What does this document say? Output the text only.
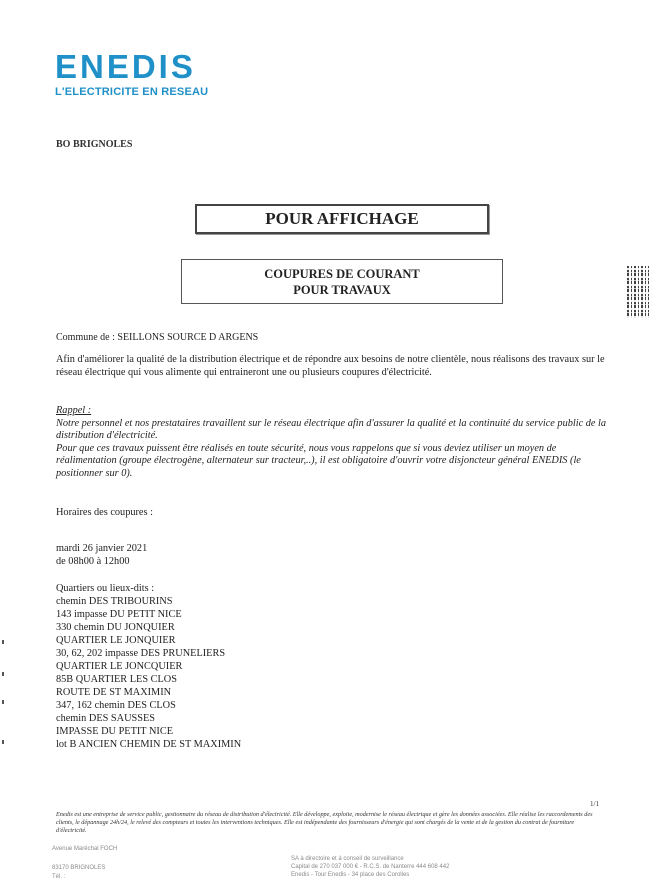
ENEDIS
L'ELECTRICITE EN RESEAU
BO BRIGNOLES
POUR AFFICHAGE
COUPURES DE COURANT
POUR TRAVAUX
Commune de : SEILLONS SOURCE D ARGENS
Afin d'améliorer la qualité de la distribution électrique et de répondre aux besoins de notre clientèle, nous réalisons des travaux sur le réseau électrique qui vous alimente qui entraineront une ou plusieurs coupures d'électricité.
Rappel :
Notre personnel et nos prestataires travaillent sur le réseau électrique afin d'assurer la qualité et la continuité du service public de la distribution d'électricité.
Pour que ces travaux puissent être réalisés en toute sécurité, nous vous rappelons que si vous deviez utiliser un moyen de réalimentation (groupe électrogène, alternateur sur tracteur,..), il est obligatoire d'ouvrir votre disjoncteur général ENEDIS (le positionner sur 0).
Horaires des coupures :
mardi 26 janvier 2021
de 08h00 à 12h00
Quartiers ou lieux-dits :
chemin DES TRIBOURINS
143 impasse DU PETIT NICE
330 chemin DU JONQUIER
QUARTIER LE JONQUIER
30, 62, 202 impasse DES PRUNELIERS
QUARTIER LE JONCQUIER
85B QUARTIER LES CLOS
ROUTE DE ST MAXIMIN
347, 162 chemin DES CLOS
chemin DES SAUSSES
IMPASSE DU PETIT NICE
lot B ANCIEN CHEMIN DE ST MAXIMIN
1/1
Enedis est une entreprise de service public, gestionnaire du réseau de distribution d'électricité. Elle développe, exploite, modernise le réseau électrique et gère les données associées. Elle réalise les raccordements des clients, le dépannage 24h/24, le relevé des compteurs et toutes les interventions techniques. Elle est indépendante des fournisseurs d'énergie qui sont chargés de la vente et de la gestion du contrat de fourniture d'électricité.
Avenue Maréchal FOCH
83170 BRIGNOLES
Tél. :
SA à directoire et à conseil de surveillance
Capital de 270 037 000 € - R.C.S. de Nanterre 444 608 442
Enedis - Tour Enedis - 34 place des Corolles
